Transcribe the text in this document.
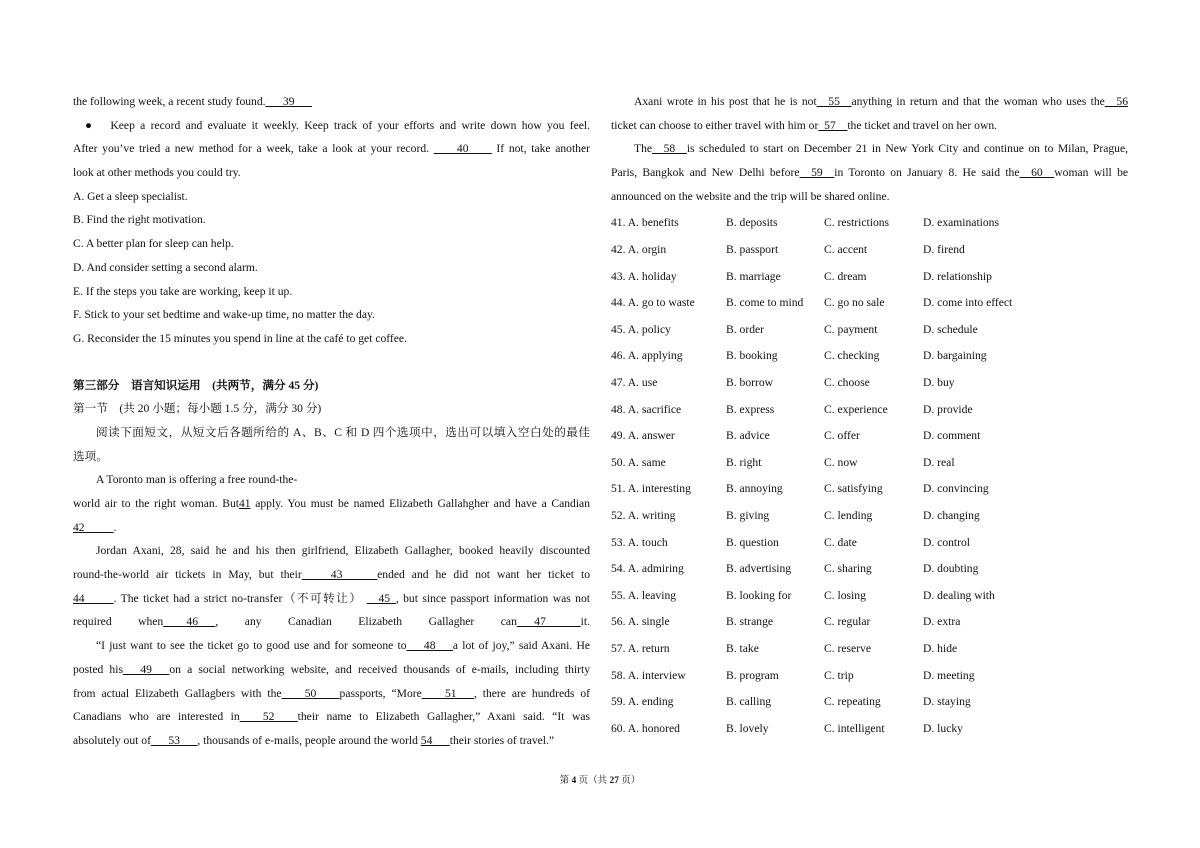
the following week, a recent study found.___39___
● Keep a record and evaluate it weekly. Keep track of your efforts and write down how you feel.
After you’ve tried a new method for a week, take a look at your record. ____40____ If not, take another
look at other methods you could try.
A. Get a sleep specialist.
B. Find the right motivation.
C. A better plan for sleep can help.
D. And consider setting a second alarm.
E. If the steps you take are working, keep it up.
F. Stick to your set bedtime and wake-up time, no matter the day.
G. Reconsider the 15 minutes you spend in line at the café to get coffee.
第三部分　语言知识运用　(共两节，满分 45 分)
第一节　(共 20 小题；每小题 1.5 分，满分 30 分)
阅读下面短文，从短文后各题所给的 A、B、C 和 D 四个选项中，选出可以填入空白处的最佳
选项。
A Toronto man is offering a free round-the-
world air to the right woman. But41 apply. You must be named Elizabeth Gallahgher and have a Candian
42_____.
Jordan Axani, 28, said he and his then girlfriend, Elizabeth Gallagher, booked heavily discounted
round-the-world air tickets in May, but their_____43______ended and he did not want her ticket to
44_____. The ticket had a strict no-transfer（不可转让） __45_, but since passport information was not
required when____46___, any Canadian Elizabeth Gallagher can___47______it.
“I just want to see the ticket go to good use and for someone to___48___a lot of joy,” said Axani. He
posted his___49___on a social networking website, and received thousands of e-mails, including thirty
from actual Elizabeth Gallagbers with the____50____passports, “More____51___, there are hundreds of
Canadians who are interested in____52____their name to Elizabeth Gallagher,” Axani said. “It was
absolutely out of___53___, thousands of e-mails, people around the world 54___their stories of travel.”
Axani wrote in his post that he is not__55__anything in return and that the woman who uses the__56
ticket can choose to either travel with him or_57__the ticket and travel on her own.
The__58__is scheduled to start on December 21 in New York City and continue on to Milan, Prague,
Paris, Bangkok and New Delhi before__59__in Toronto on January 8. He said the__60__woman will be
announced on the website and the trip will be shared online.
41. A. benefits	B. deposits	C. restrictions	D. examinations
42. A. orgin	B. passport	C. accent	D. firend
43. A. holiday	B. marriage	C. dream	D. relationship
44. A. go to waste	B. come to mind C. go no sale	D. come into effect
45. A. policy	B. order	C. payment	D. schedule
46. A. applying	B. booking	C. checking	D. bargaining
47. A. use	B. borrow	C. choose	D. buy
48. A. sacrifice	B. express	C. experience	D. provide
49. A. answer	B. advice	C. offer	D. comment
50. A. same	B. right	C. now	D. real
51. A. interesting	B. annoying	C. satisfying	D. convincing
52. A. writing	B. giving	C. lending	D. changing
53. A. touch	B. question	C. date	D. control
54. A. admiring	B. advertising	C. sharing	D. doubting
55. A. leaving	B. looking for	C. losing	D. dealing with
56. A. single	B. strange	C. regular	D. extra
57. A. return	B. take	C. reserve	D. hide
58. A. interview	B. program	C. trip	D. meeting
59. A. ending	B. calling	C. repeating	D. staying
60. A. honored	B. lovely	C. intelligent	D. lucky
第 4 页（共 27 页）
